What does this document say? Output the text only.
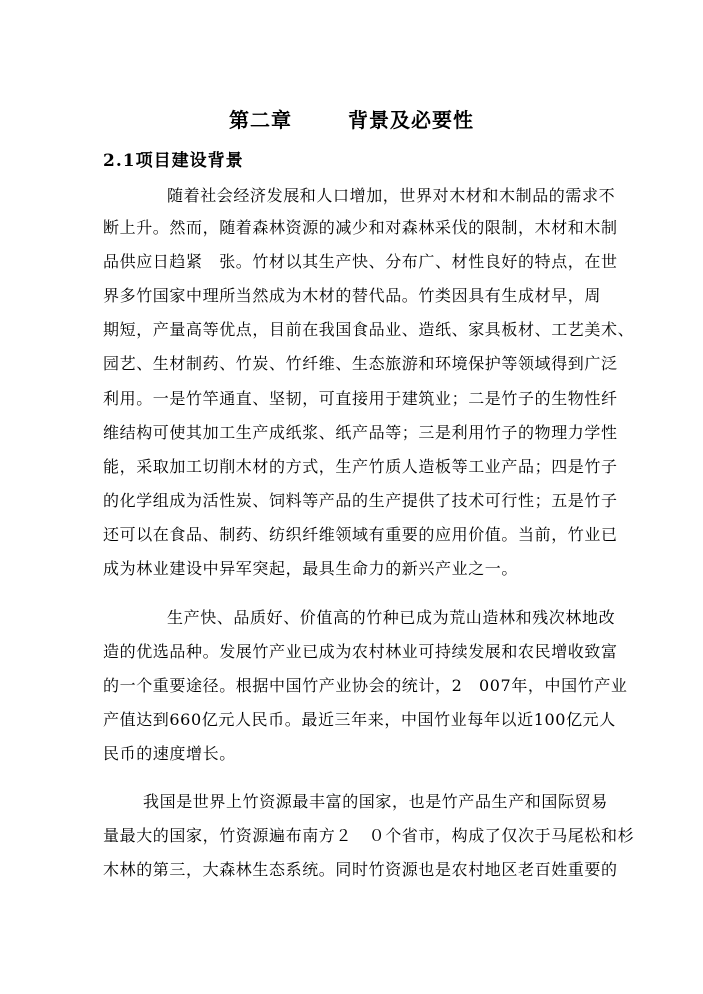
第二章	背景及必要性
2.1项目建设背景
随着社会经济发展和人口增加，世界对木材和木制品的需求不
断上升。然而，随着森林资源的减少和对森林采伐的限制，木材和木制
品供应日趋紧　张。竹材以其生产快、分布广、材性良好的特点，在世
界多竹国家中理所当然成为木材的替代品。竹类因具有生成材早，周
期短，产量高等优点，目前在我国食品业、造纸、家具板材、工艺美术、
园艺、生材制药、竹炭、竹纤维、生态旅游和环境保护等领域得到广泛
利用。一是竹竿通直、坚韧，可直接用于建筑业；二是竹子的生物性纤
维结构可使其加工生产成纸浆、纸产品等；三是利用竹子的物理力学性
能，采取加工切削木材的方式，生产竹质人造板等工业产品；四是竹子
的化学组成为活性炭、饲料等产品的生产提供了技术可行性；五是竹子
还可以在食品、制药、纺织纤维领域有重要的应用价值。当前，竹业已
成为林业建设中异军突起，最具生命力的新兴产业之一。
生产快、品质好、价值高的竹种已成为荒山造林和残次林地改
造的优选品种。发展竹产业已成为农村林业可持续发展和农民增收致富
的一个重要途径。根据中国竹产业协会的统计，2　007年，中国竹产业
产值达到660亿元人民币。最近三年来，中国竹业每年以近100亿元人
民币的速度增长。
我国是世界上竹资源最丰富的国家，也是竹产品生产和国际贸易
量最大的国家，竹资源遍布南方２　０个省市，构成了仅次于马尾松和杉
木林的第三，大森林生态系统。同时竹资源也是农村地区老百姓重要的
